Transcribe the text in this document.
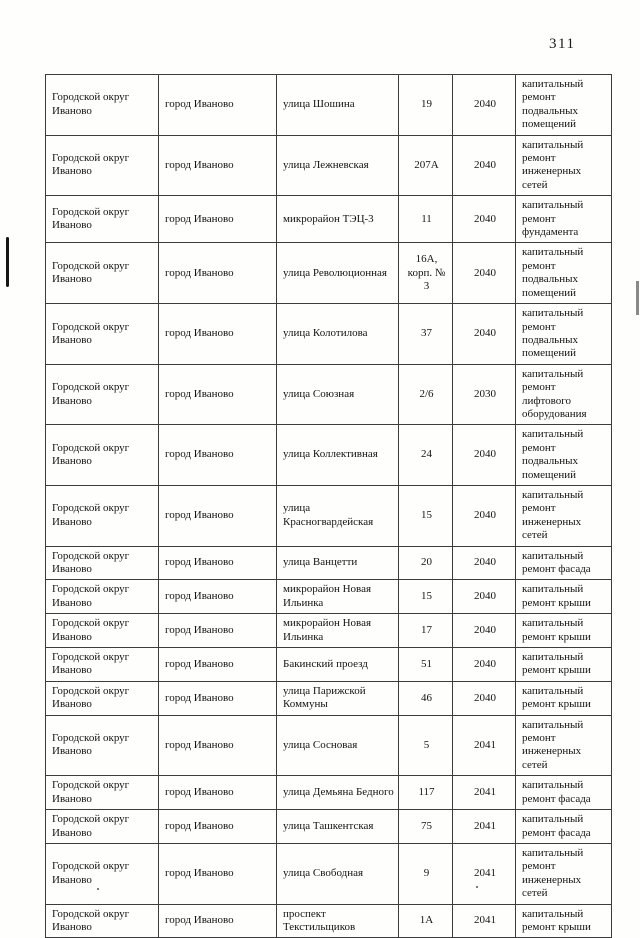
311
Городской округ Иваново	город Иваново	улица Шошина	19	2040	капитальный ремонт подвальных помещений
Городской округ Иваново	город Иваново	улица Лежневская	207А	2040	капитальный ремонт инженерных сетей
Городской округ Иваново	город Иваново	микрорайон ТЭЦ-3	11	2040	капитальный ремонт фундамента
Городской округ Иваново	город Иваново	улица Революционная	16А, корп. № 3	2040	капитальный ремонт подвальных помещений
Городской округ Иваново	город Иваново	улица Колотилова	37	2040	капитальный ремонт подвальных помещений
Городской округ Иваново	город Иваново	улица Союзная	2/6	2030	капитальный ремонт лифтового оборудования
Городской округ Иваново	город Иваново	улица Коллективная	24	2040	капитальный ремонт подвальных помещений
Городской округ Иваново	город Иваново	улица Красногвардейская	15	2040	капитальный ремонт инженерных сетей
Городской округ Иваново	город Иваново	улица Ванцетти	20	2040	капитальный ремонт фасада
Городской округ Иваново	город Иваново	микрорайон Новая Ильинка	15	2040	капитальный ремонт крыши
Городской округ Иваново	город Иваново	микрорайон Новая Ильинка	17	2040	капитальный ремонт крыши
Городской округ Иваново	город Иваново	Бакинский проезд	51	2040	капитальный ремонт крыши
Городской округ Иваново	город Иваново	улица Парижской Коммуны	46	2040	капитальный ремонт крыши
Городской округ Иваново	город Иваново	улица Сосновая	5	2041	капитальный ремонт инженерных сетей
Городской округ Иваново	город Иваново	улица Демьяна Бедного	117	2041	капитальный ремонт фасада
Городской округ Иваново	город Иваново	улица Ташкентская	75	2041	капитальный ремонт фасада
Городской округ Иваново	город Иваново	улица Свободная	9	2041	капитальный ремонт инженерных сетей
Городской округ Иваново	город Иваново	проспект Текстильщиков	1А	2041	капитальный ремонт крыши
